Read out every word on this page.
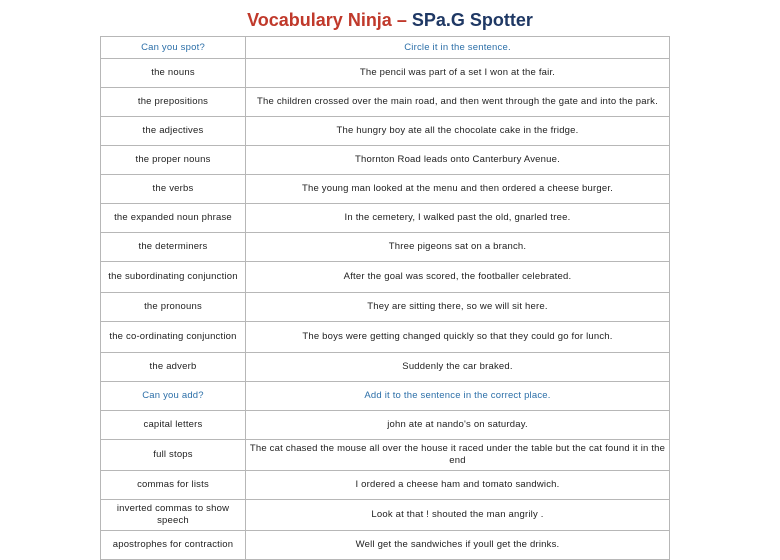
Vocabulary Ninja – SPa.G Spotter
Can you spot?	Circle it in the sentence.
the nouns	The pencil was part of a set I won at the fair.
the prepositions	The children crossed over the main road, and then went through the gate and into the park.
the adjectives	The hungry boy ate all the chocolate cake in the fridge.
the proper nouns	Thornton Road leads onto Canterbury Avenue.
the verbs	The young man looked at the menu and then ordered a cheese burger.
the expanded noun phrase	In the cemetery, I walked past the old, gnarled tree.
the determiners	Three pigeons sat on a branch.
the subordinating conjunction	After the goal was scored, the footballer celebrated.
the pronouns	They are sitting there, so we will sit here.
the co-ordinating conjunction	The boys were getting changed quickly so that they could go for lunch.
the adverb	Suddenly the car braked.
Can you add?	Add it to the sentence in the correct place.
capital letters	john ate at nando's on saturday.
full stops	The cat chased the mouse all over the house it raced under the table but the cat found it in the end
commas for lists	I ordered a cheese ham and tomato sandwich.
inverted commas to show speech	Look at that ! shouted the man angrily .
apostrophes for contraction	Well get the sandwiches if youll get the drinks.
